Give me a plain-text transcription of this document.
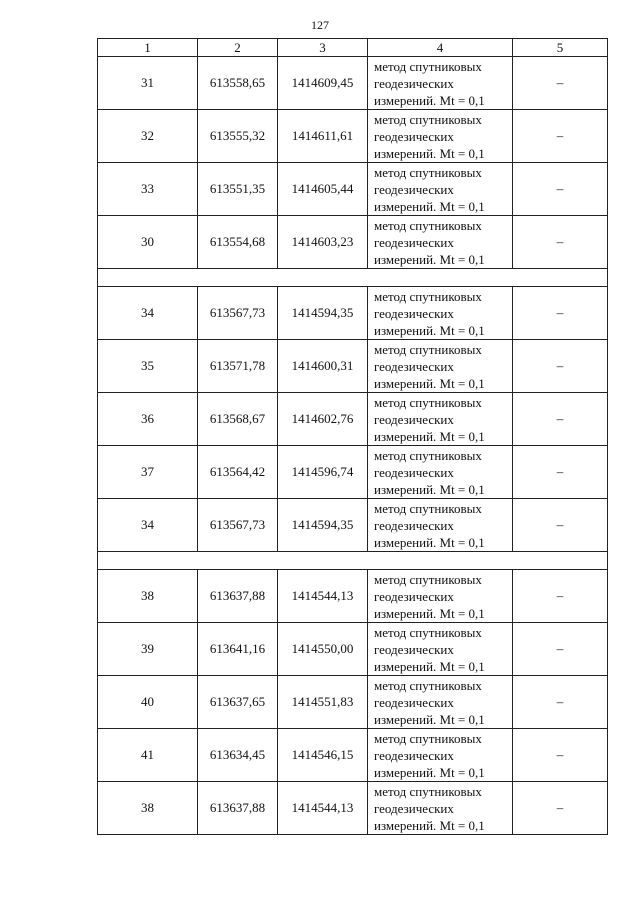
127
1	2	3	4	5
31	613558,65	1414609,45	метод спутниковых
геодезических
измерений. Mt = 0,1	–
32	613555,32	1414611,61	метод спутниковых
геодезических
измерений. Mt = 0,1	–
33	613551,35	1414605,44	метод спутниковых
геодезических
измерений. Mt = 0,1	–
30	613554,68	1414603,23	метод спутниковых
геодезических
измерений. Mt = 0,1	–

34	613567,73	1414594,35	метод спутниковых
геодезических
измерений. Mt = 0,1	–
35	613571,78	1414600,31	метод спутниковых
геодезических
измерений. Mt = 0,1	–
36	613568,67	1414602,76	метод спутниковых
геодезических
измерений. Mt = 0,1	–
37	613564,42	1414596,74	метод спутниковых
геодезических
измерений. Mt = 0,1	–
34	613567,73	1414594,35	метод спутниковых
геодезических
измерений. Mt = 0,1	–

38	613637,88	1414544,13	метод спутниковых
геодезических
измерений. Mt = 0,1	–
39	613641,16	1414550,00	метод спутниковых
геодезических
измерений. Mt = 0,1	–
40	613637,65	1414551,83	метод спутниковых
геодезических
измерений. Mt = 0,1	–
41	613634,45	1414546,15	метод спутниковых
геодезических
измерений. Mt = 0,1	–
38	613637,88	1414544,13	метод спутниковых
геодезических
измерений. Mt = 0,1	–
